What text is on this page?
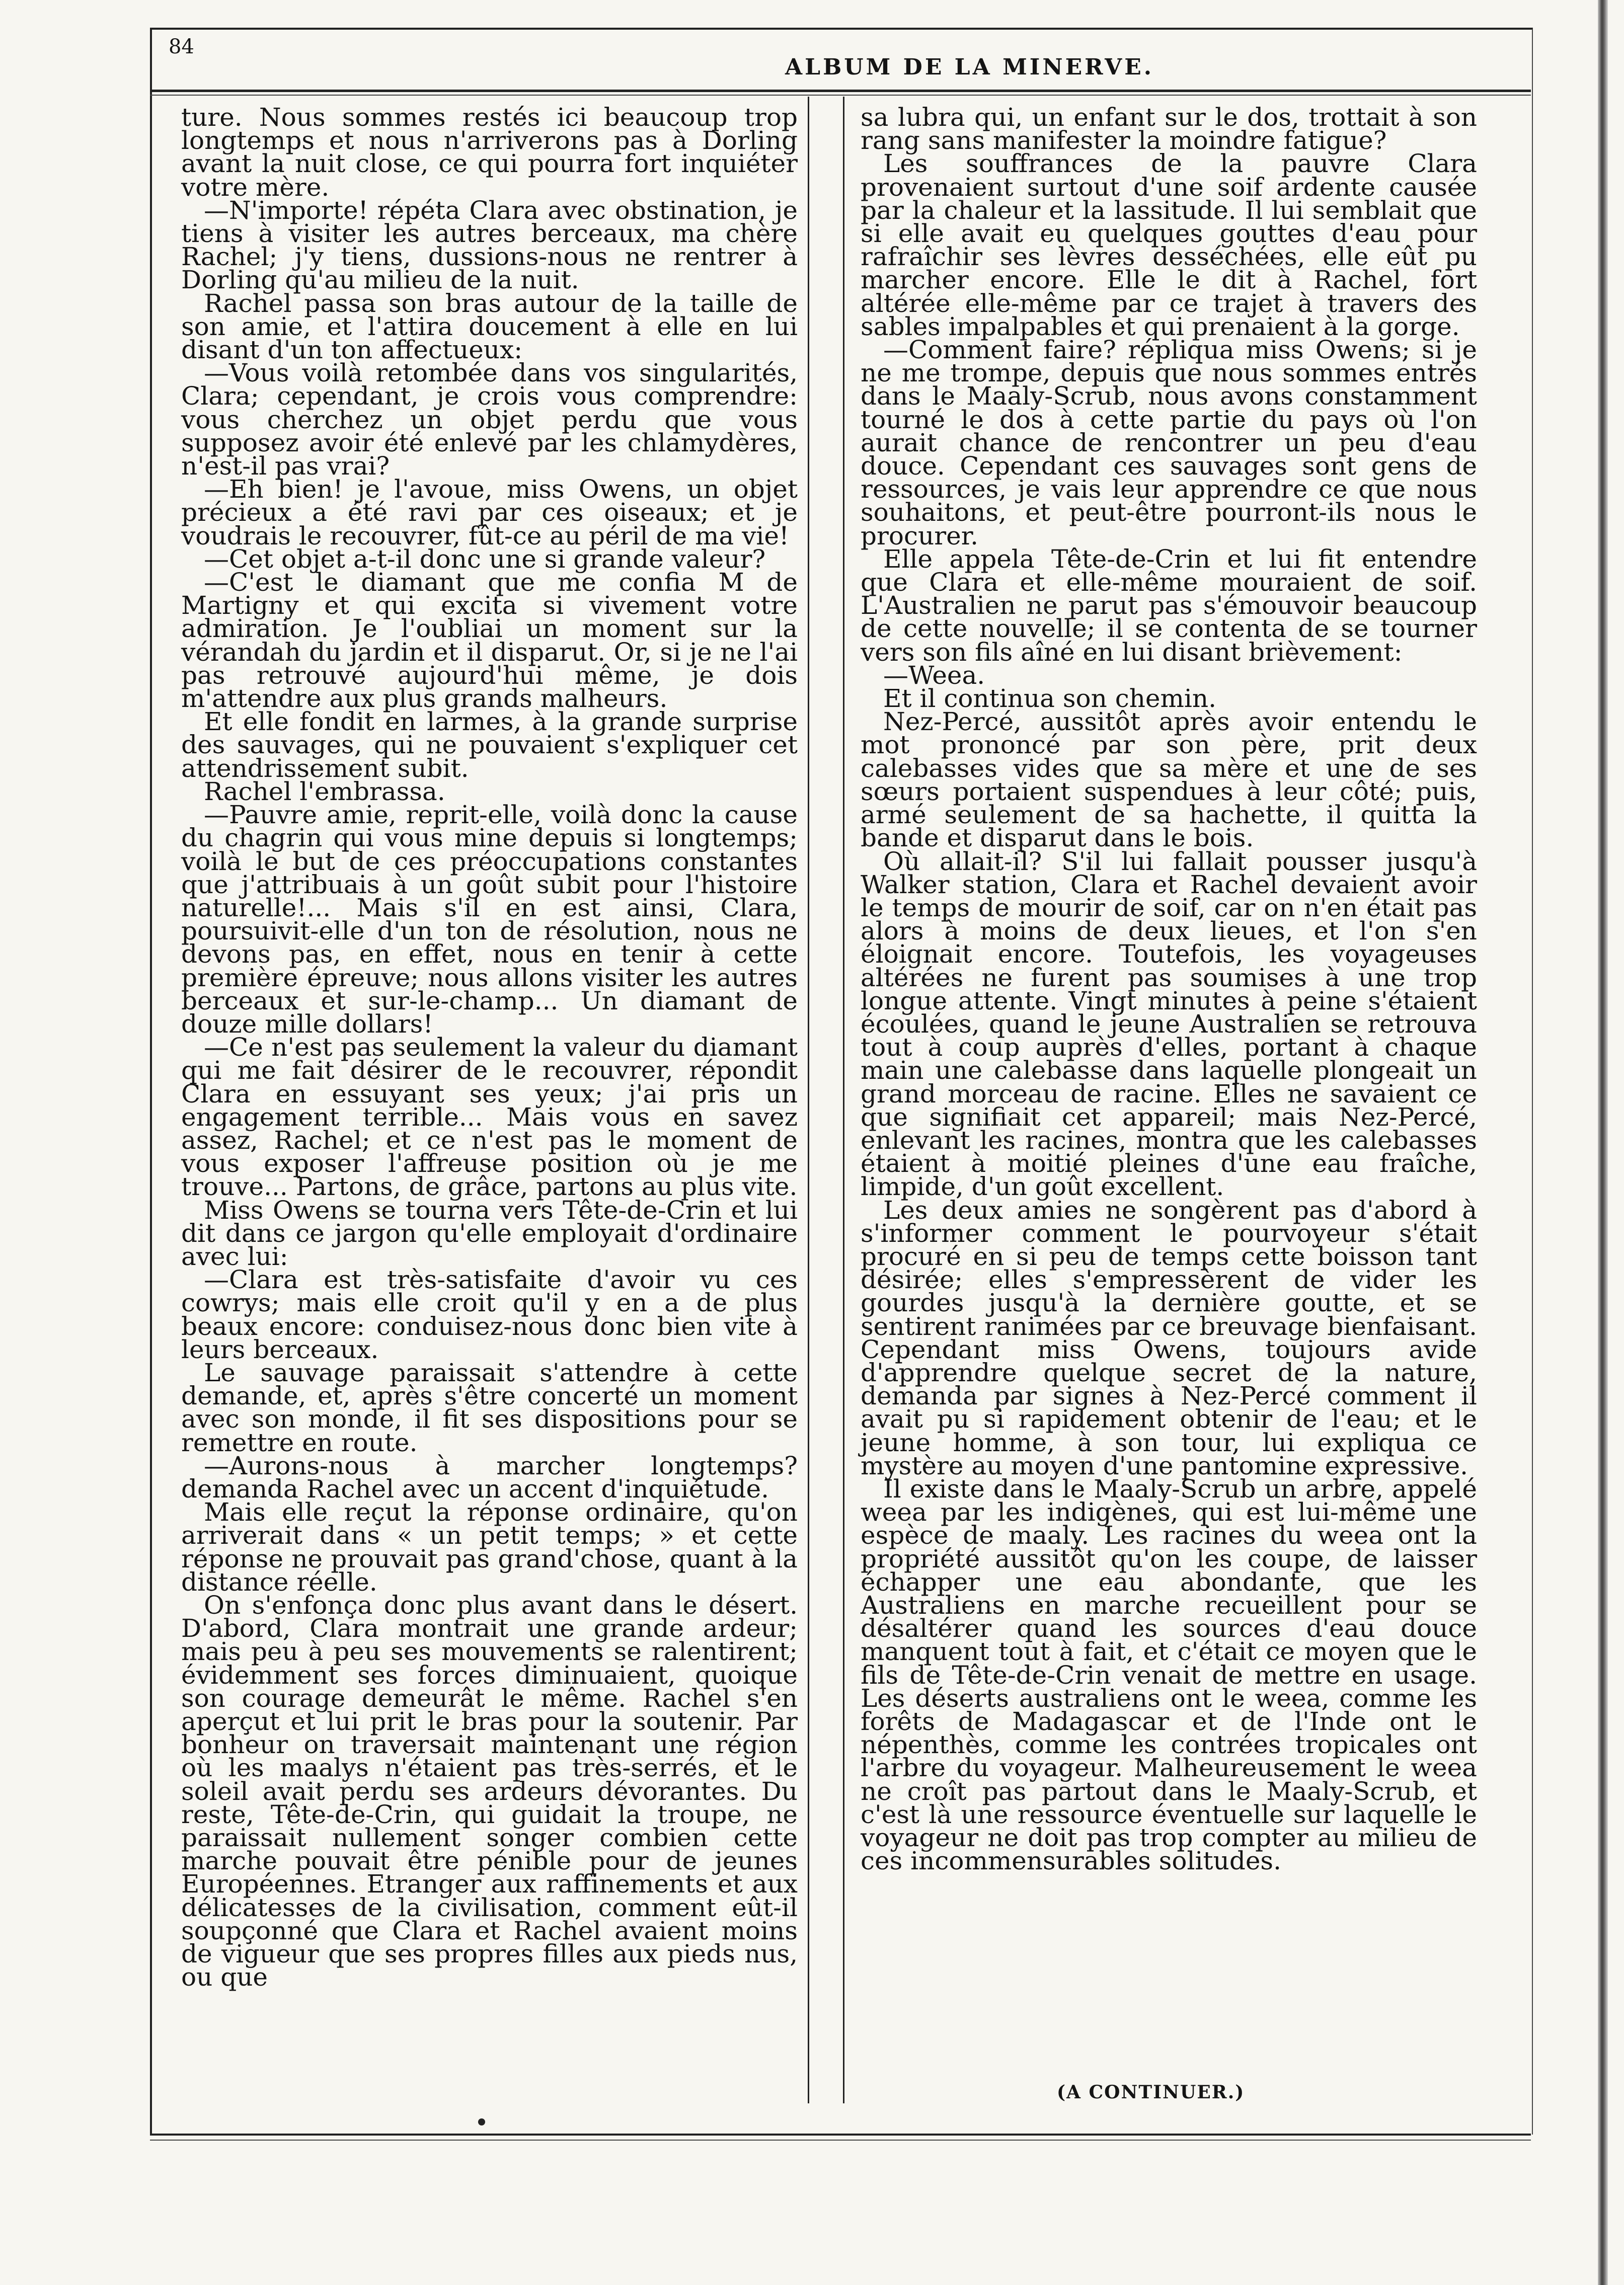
84
ALBUM DE LA MINERVE.

ture. Nous sommes restés ici beaucoup trop longtemps et nous n'arriverons pas à Dorling avant la nuit close, ce qui pourra fort inquiéter votre mère.

—N'importe! répéta Clara avec obstination, je tiens à visiter les autres berceaux, ma chère Rachel; j'y tiens, dussions-nous ne rentrer à Dorling qu'au milieu de la nuit.

Rachel passa son bras autour de la taille de son amie, et l'attira doucement à elle en lui disant d'un ton affectueux:

—Vous voilà retombée dans vos singularités, Clara; cependant, je crois vous comprendre: vous cherchez un objet perdu que vous supposez avoir été enlevé par les chlamydères, n'est-il pas vrai?

—Eh bien! je l'avoue, miss Owens, un objet précieux a été ravi par ces oiseaux; et je voudrais le recouvrer, fût-ce au péril de ma vie!

—Cet objet a-t-il donc une si grande valeur?

—C'est le diamant que me confia M de Martigny et qui excita si vivement votre admiration. Je l'oubliai un moment sur la vérandah du jardin et il disparut. Or, si je ne l'ai pas retrouvé aujourd'hui même, je dois m'attendre aux plus grands malheurs.

Et elle fondit en larmes, à la grande surprise des sauvages, qui ne pouvaient s'expliquer cet attendrissement subit.

Rachel l'embrassa.

—Pauvre amie, reprit-elle, voilà donc la cause du chagrin qui vous mine depuis si longtemps; voilà le but de ces préoccupations constantes que j'attribuais à un goût subit pour l'histoire naturelle!... Mais s'il en est ainsi, Clara, poursuivit-elle d'un ton de résolution, nous ne devons pas, en effet, nous en tenir à cette première épreuve; nous allons visiter les autres berceaux et sur-le-champ... Un diamant de douze mille dollars!

—Ce n'est pas seulement la valeur du diamant qui me fait désirer de le recouvrer, répondit Clara en essuyant ses yeux; j'ai pris un engagement terrible... Mais vous en savez assez, Rachel; et ce n'est pas le moment de vous exposer l'affreuse position où je me trouve... Partons, de grâce, partons au plus vite.

Miss Owens se tourna vers Tête-de-Crin et lui dit dans ce jargon qu'elle employait d'ordinaire avec lui:

—Clara est très-satisfaite d'avoir vu ces cowrys; mais elle croit qu'il y en a de plus beaux encore: conduisez-nous donc bien vite à leurs berceaux.

Le sauvage paraissait s'attendre à cette demande, et, après s'être concerté un moment avec son monde, il fit ses dispositions pour se remettre en route.

—Aurons-nous à marcher longtemps? demanda Rachel avec un accent d'inquiétude.

Mais elle reçut la réponse ordinaire, qu'on arriverait dans « un petit temps; » et cette réponse ne prouvait pas grand'chose, quant à la distance réelle.

On s'enfonça donc plus avant dans le désert. D'abord, Clara montrait une grande ardeur; mais peu à peu ses mouvements se ralentirent; évidemment ses forces diminuaient, quoique son courage demeurât le même. Rachel s'en aperçut et lui prit le bras pour la soutenir. Par bonheur on traversait maintenant une région où les maalys n'étaient pas très-serrés, et le soleil avait perdu ses ardeurs dévorantes. Du reste, Tête-de-Crin, qui guidait la troupe, ne paraissait nullement songer combien cette marche pouvait être pénible pour de jeunes Européennes. Etranger aux raffinements et aux délicatesses de la civilisation, comment eût-il soupçonné que Clara et Rachel avaient moins de vigueur que ses propres filles aux pieds nus, ou que

sa lubra qui, un enfant sur le dos, trottait à son rang sans manifester la moindre fatigue?

Les souffrances de la pauvre Clara provenaient surtout d'une soif ardente causée par la chaleur et la lassitude. Il lui semblait que si elle avait eu quelques gouttes d'eau pour rafraîchir ses lèvres desséchées, elle eût pu marcher encore. Elle le dit à Rachel, fort altérée elle-même par ce trajet à travers des sables impalpables et qui prenaient à la gorge.

—Comment faire? répliqua miss Owens; si je ne me trompe, depuis que nous sommes entrés dans le Maaly-Scrub, nous avons constamment tourné le dos à cette partie du pays où l'on aurait chance de rencontrer un peu d'eau douce. Cependant ces sauvages sont gens de ressources, je vais leur apprendre ce que nous souhaitons, et peut-être pourront-ils nous le procurer.

Elle appela Tête-de-Crin et lui fit entendre que Clara et elle-même mouraient de soif. L'Australien ne parut pas s'émouvoir beaucoup de cette nouvelle; il se contenta de se tourner vers son fils aîné en lui disant brièvement:

—Weea.

Et il continua son chemin.

Nez-Percé, aussitôt après avoir entendu le mot prononcé par son père, prit deux calebasses vides que sa mère et une de ses sœurs portaient suspendues à leur côté; puis, armé seulement de sa hachette, il quitta la bande et disparut dans le bois.

Où allait-il? S'il lui fallait pousser jusqu'à Walker station, Clara et Rachel devaient avoir le temps de mourir de soif, car on n'en était pas alors à moins de deux lieues, et l'on s'en éloignait encore. Toutefois, les voyageuses altérées ne furent pas soumises à une trop longue attente. Vingt minutes à peine s'étaient écoulées, quand le jeune Australien se retrouva tout à coup auprès d'elles, portant à chaque main une calebasse dans laquelle plongeait un grand morceau de racine. Elles ne savaient ce que signifiait cet appareil; mais Nez-Percé, enlevant les racines, montra que les calebasses étaient à moitié pleines d'une eau fraîche, limpide, d'un goût excellent.

Les deux amies ne songèrent pas d'abord à s'informer comment le pourvoyeur s'était procuré en si peu de temps cette boisson tant désirée; elles s'empressèrent de vider les gourdes jusqu'à la dernière goutte, et se sentirent ranimées par ce breuvage bienfaisant. Cependant miss Owens, toujours avide d'apprendre quelque secret de la nature, demanda par signes à Nez-Percé comment il avait pu si rapidement obtenir de l'eau; et le jeune homme, à son tour, lui expliqua ce mystère au moyen d'une pantomine expressive.

Il existe dans le Maaly-Scrub un arbre, appelé weea par les indigènes, qui est lui-même une espèce de maaly. Les racines du weea ont la propriété aussitôt qu'on les coupe, de laisser échapper une eau abondante, que les Australiens en marche recueillent pour se désaltérer quand les sources d'eau douce manquent tout à fait, et c'était ce moyen que le fils de Tête-de-Crin venait de mettre en usage. Les déserts australiens ont le weea, comme les forêts de Madagascar et de l'Inde ont le népenthès, comme les contrées tropicales ont l'arbre du voyageur. Malheureusement le weea ne croît pas partout dans le Maaly-Scrub, et c'est là une ressource éventuelle sur laquelle le voyageur ne doit pas trop compter au milieu de ces incommensurables solitudes.

(A CONTINUER.)
